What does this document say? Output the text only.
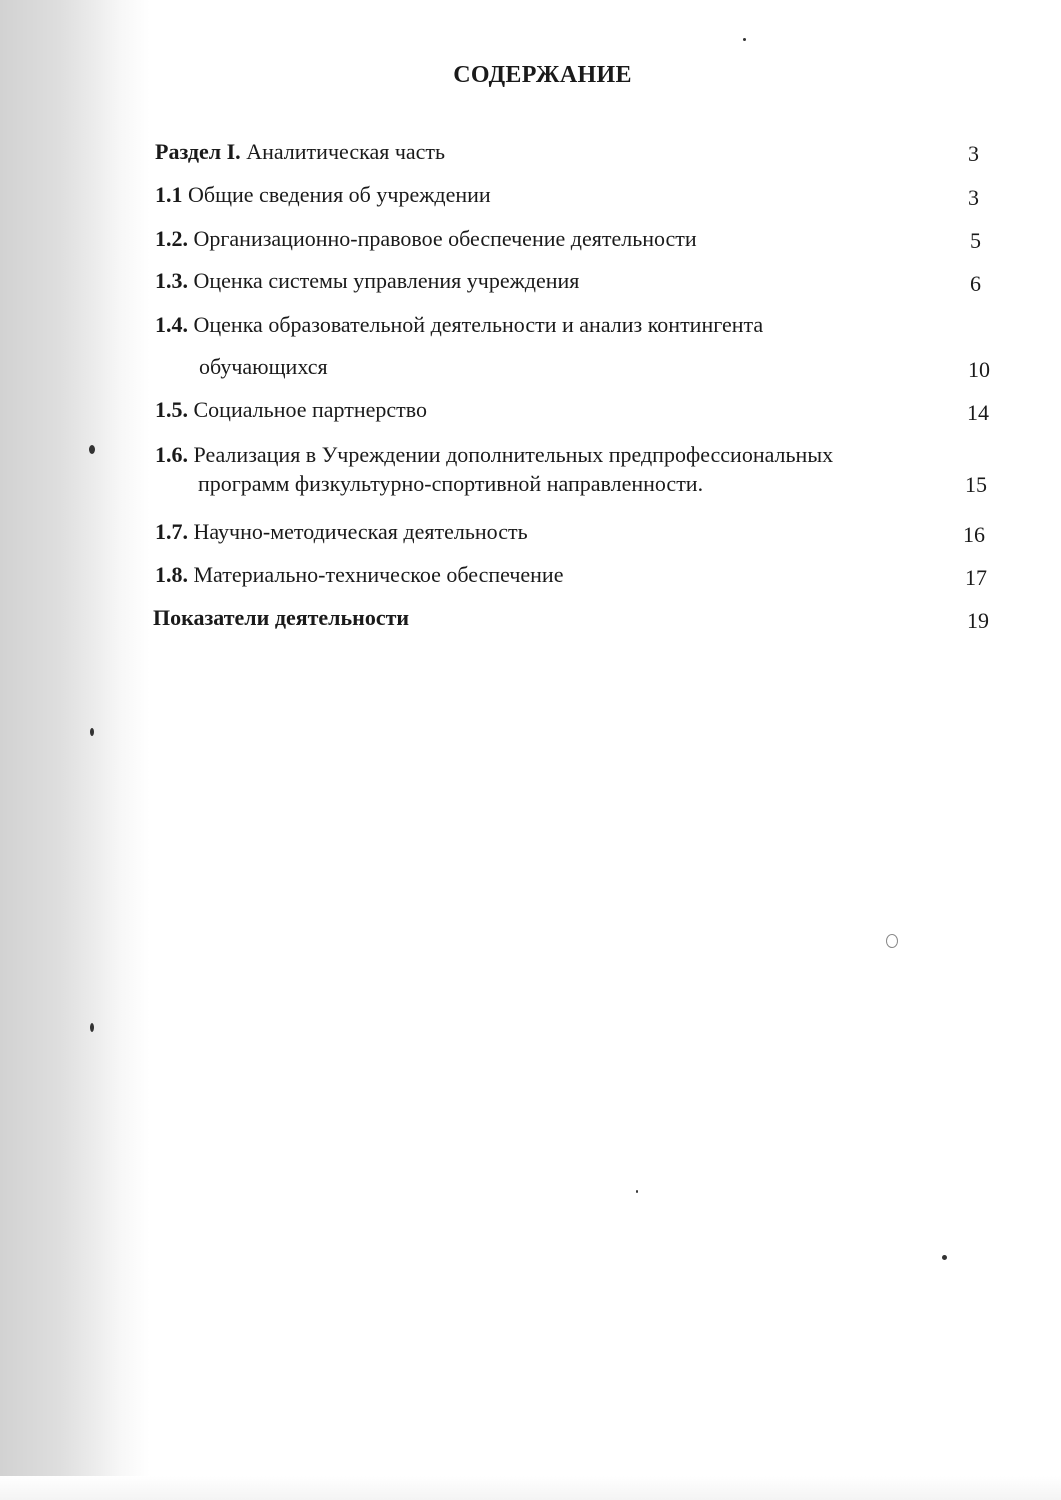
СОДЕРЖАНИЕ
Раздел I. Аналитическая часть	3
1.1 Общие сведения об учреждении	3
1.2. Организационно-правовое обеспечение деятельности	5
1.3. Оценка системы управления учреждения	6
1.4. Оценка образовательной деятельности и анализ контингента
обучающихся	10
1.5. Социальное партнерство	14
1.6. Реализация в Учреждении дополнительных предпрофессиональных
программ физкультурно-спортивной направленности.	15
1.7. Научно-методическая деятельность	16
1.8. Материально-техническое обеспечение	17
Показатели деятельности	19
